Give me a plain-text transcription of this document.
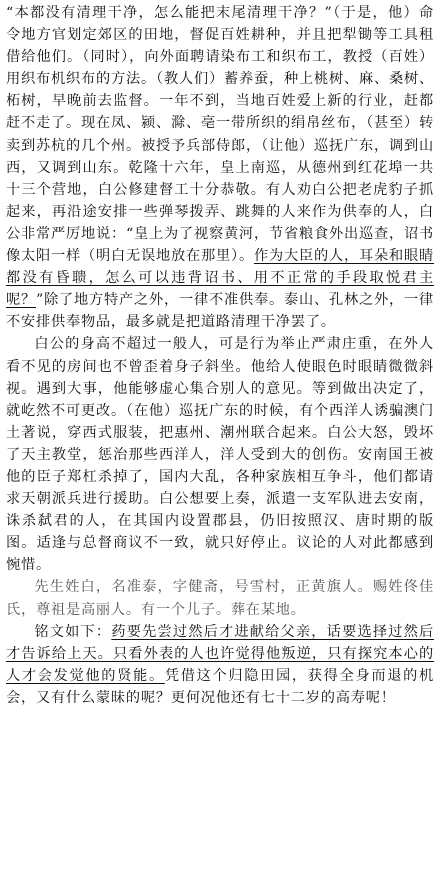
“本都没有清理干净，怎么能把末尾清理干净？”（于是，他）命令地方官划定郊区的田地，督促百姓耕种，并且把犁锄等工具租借给他们。（同时），向外面聘请染布工和织布工，教授（百姓）用织布机织布的方法。（教人们）蓄养蚕，种上桃树、麻、桑树、柘树，早晚前去监督。一年不到，当地百姓爱上新的行业，赶都赶不走了。现在凤、颍、滁、亳一带所织的绢帛丝布，（甚至）转卖到苏杭的几个州。被授予兵部侍郎，（让他）巡抚广东，调到山西，又调到山东。乾隆十六年，皇上南巡，从德州到红花埠一共十三个营地，白公修建督工十分恭敬。有人劝白公把老虎豹子抓起来，再沿途安排一些弹琴拨弄、跳舞的人来作为供奉的人，白公非常严厉地说：“皇上为了视察黄河，节省粮食外出巡查，诏书像太阳一样（明白无误地放在那里）。作为大臣的人，耳朵和眼睛都没有昏聩，怎么可以违背诏书、用不正常的手段取悦君主呢？”除了地方特产之外，一律不准供奉。泰山、孔林之外，一律不安排供奉物品，最多就是把道路清理干净罢了。

白公的身高不超过一般人，可是行为举止严肃庄重，在外人看不见的房间也不曾歪着身子斜坐。他给人使眼色时眼睛微微斜视。遇到大事，他能够虚心集合别人的意见。等到做出决定了，就屹然不可更改。（在他）巡抚广东的时候，有个西洋人诱骗澳门土著说，穿西式服装，把惠州、潮州联合起来。白公大怒，毁坏了天主教堂，惩治那些西洋人，洋人受到大的创伤。安南国王被他的臣子郑杠杀掉了，国内大乱，各种家族相互争斗，他们都请求天朝派兵进行援助。白公想要上奏，派遣一支军队进去安南，诛杀弑君的人，在其国内设置郡县，仍旧按照汉、唐时期的版图。适逢与总督商议不一致，就只好停止。议论的人对此都感到惋惜。

先生姓白，名准泰，字健斋，号雪村，正黄旗人。赐姓佟佳氏，尊祖是高丽人。有一个儿子。葬在某地。

铭文如下：药要先尝过然后才进献给父亲，话要选择过然后才告诉给上天。只看外表的人也许觉得他叛逆，只有探究本心的人才会发觉他的贤能。凭借这个归隐田园，获得全身而退的机会，又有什么蒙昧的呢？更何况他还有七十二岁的高寿呢！
